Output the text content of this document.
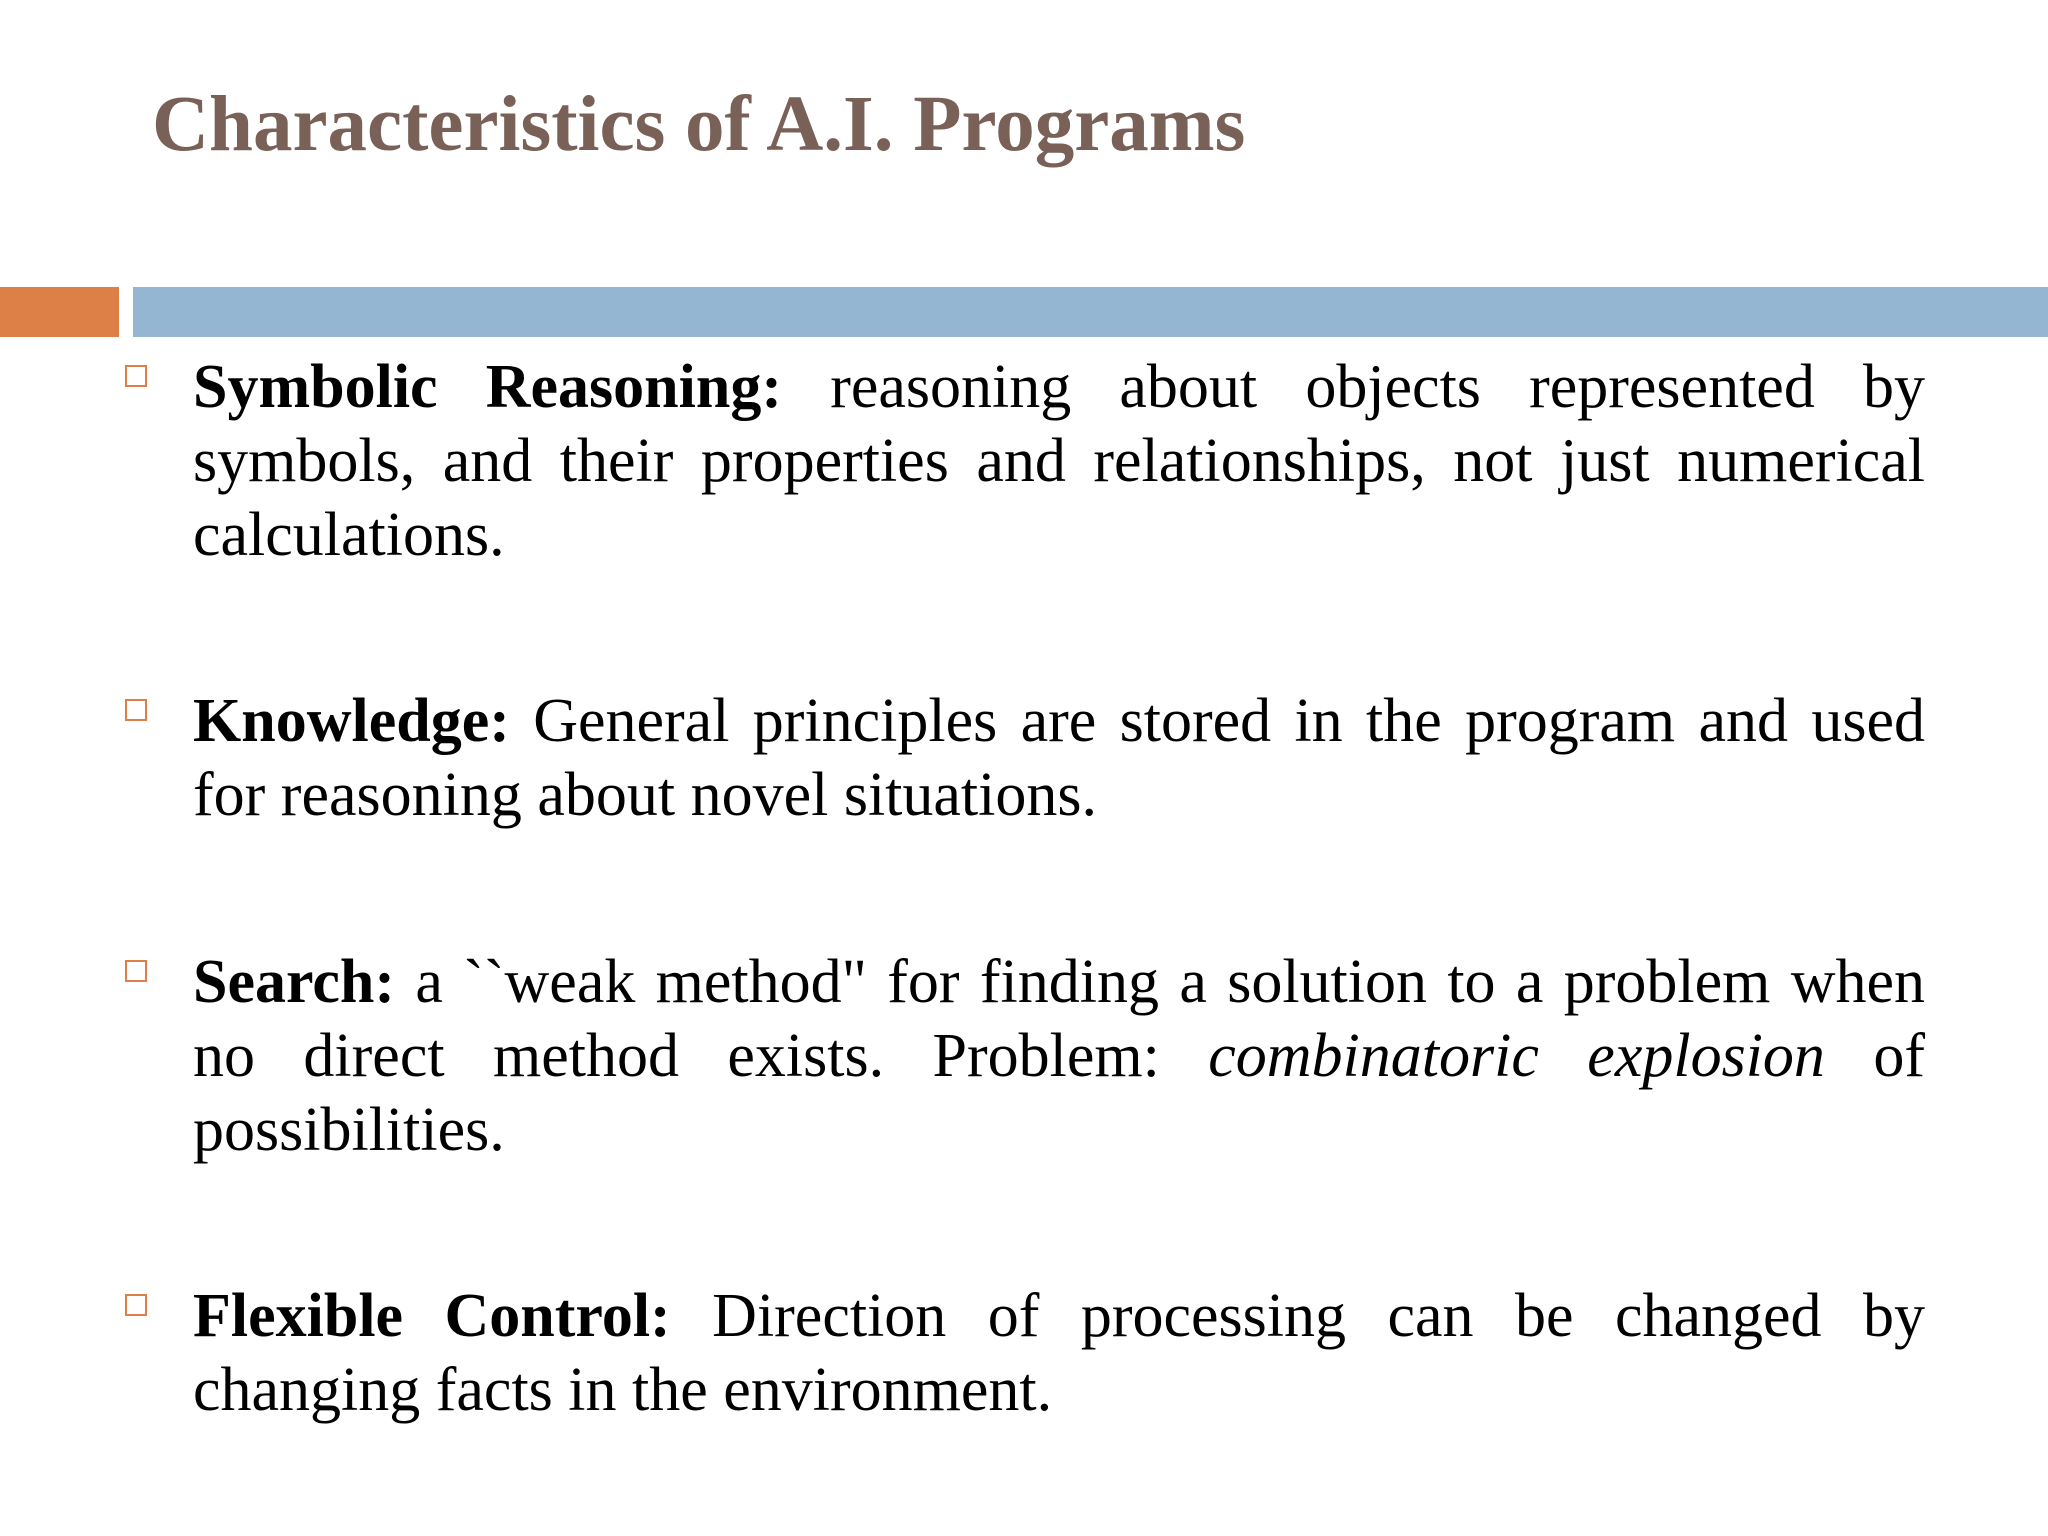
Characteristics of A.I. Programs

Symbolic Reasoning: reasoning about objects represented by symbols, and their properties and relationships, not just numerical calculations.

Knowledge: General principles are stored in the program and used for reasoning about novel situations.

Search: a ``weak method" for finding a solution to a problem when no direct method exists. Problem: combinatoric explosion of possibilities.

Flexible Control: Direction of processing can be changed by changing facts in the environment.
